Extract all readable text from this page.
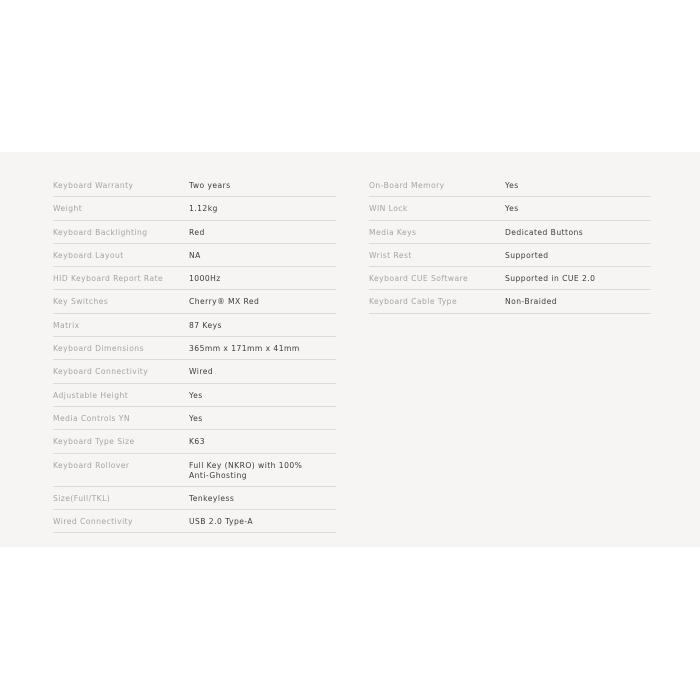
Keyboard Warranty	Two years
Weight	1.12kg
Keyboard Backlighting	Red
Keyboard Layout	NA
HID Keyboard Report Rate	1000Hz
Key Switches	Cherry® MX Red
Matrix	87 Keys
Keyboard Dimensions	365mm x 171mm x 41mm
Keyboard Connectivity	Wired
Adjustable Height	Yes
Media Controls YN	Yes
Keyboard Type Size	K63
Keyboard Rollover	Full Key (NKRO) with 100%
Anti-Ghosting
Size(Full/TKL)	Tenkeyless
Wired Connectivity	USB 2.0 Type-A
On-Board Memory	Yes
WIN Lock	Yes
Media Keys	Dedicated Buttons
Wrist Rest	Supported
Keyboard CUE Software	Supported in CUE 2.0
Keyboard Cable Type	Non-Braided
